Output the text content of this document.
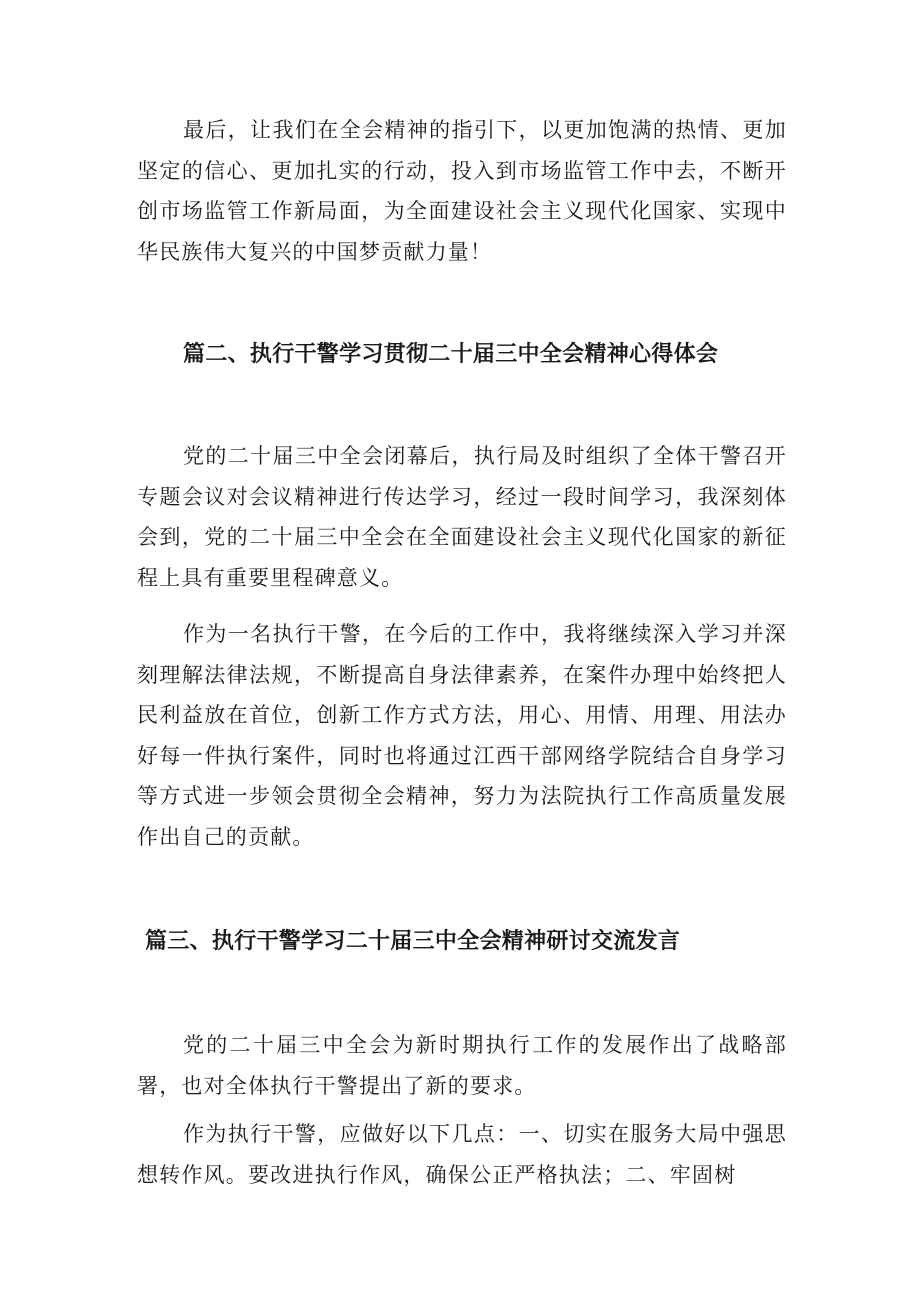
最后，让我们在全会精神的指引下，以更加饱满的热情、更加坚定的信心、更加扎实的行动，投入到市场监管工作中去，不断开创市场监管工作新局面，为全面建设社会主义现代化国家、实现中华民族伟大复兴的中国梦贡献力量！

篇二、执行干警学习贯彻二十届三中全会精神心得体会

党的二十届三中全会闭幕后，执行局及时组织了全体干警召开专题会议对会议精神进行传达学习，经过一段时间学习，我深刻体会到，党的二十届三中全会在全面建设社会主义现代化国家的新征程上具有重要里程碑意义。

作为一名执行干警，在今后的工作中，我将继续深入学习并深刻理解法律法规，不断提高自身法律素养，在案件办理中始终把人民利益放在首位，创新工作方式方法，用心、用情、用理、用法办好每一件执行案件，同时也将通过江西干部网络学院结合自身学习等方式进一步领会贯彻全会精神，努力为法院执行工作高质量发展作出自己的贡献。

篇三、执行干警学习二十届三中全会精神研讨交流发言

党的二十届三中全会为新时期执行工作的发展作出了战略部署，也对全体执行干警提出了新的要求。

作为执行干警，应做好以下几点：一、切实在服务大局中强思想转作风。要改进执行作风，确保公正严格执法；二、牢固树
